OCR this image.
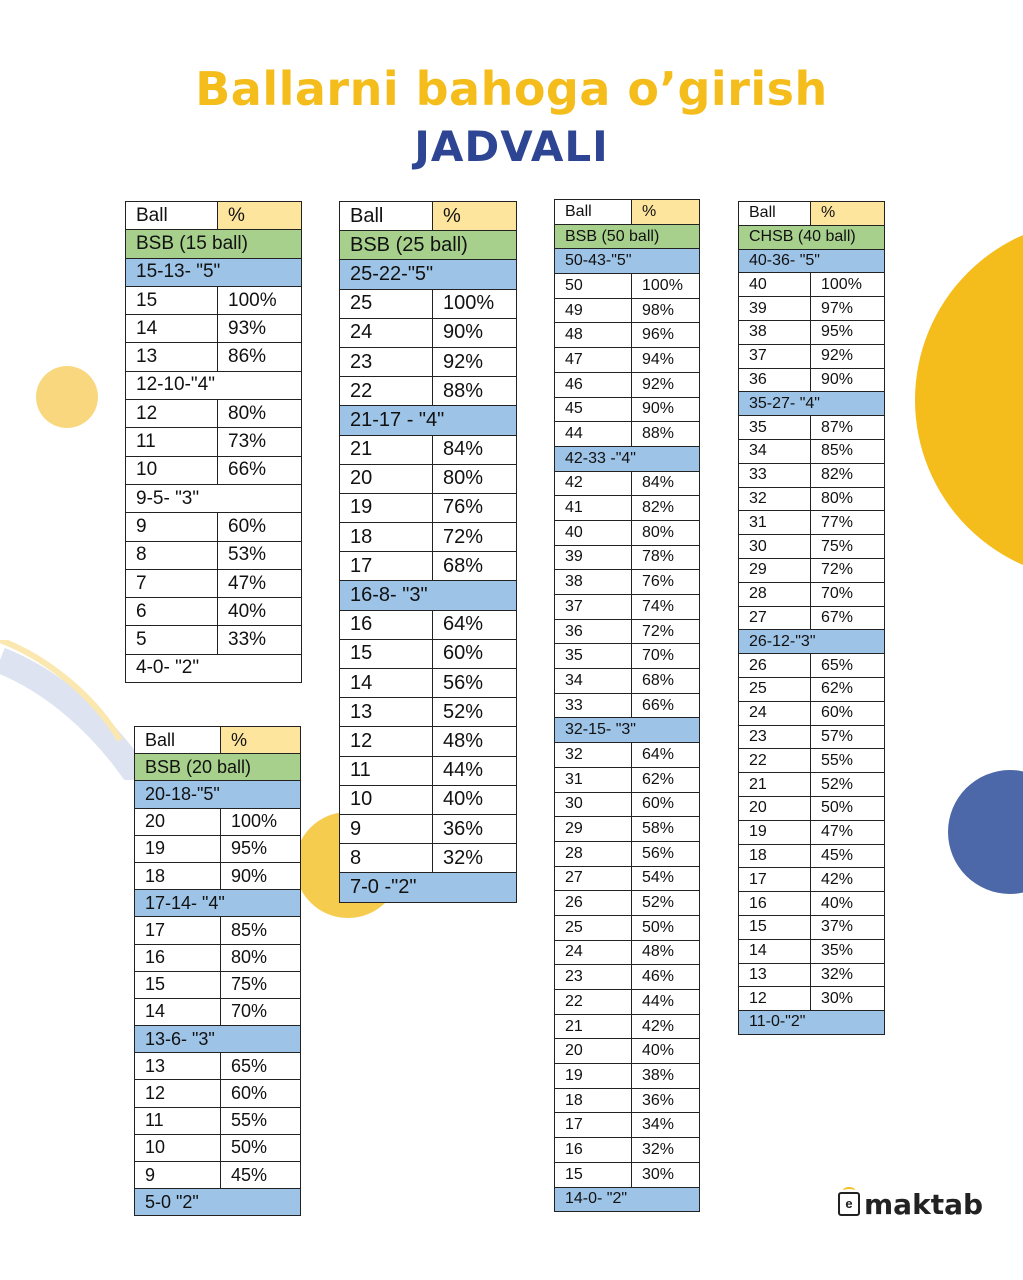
Ballarni bahoga o’girish
JADVALI
Ball	%
BSB (15 ball)	
15-13- "5"	
15	100%
14	93%
13	86%
12-10-"4"	
12	80%
11	73%
10	66%
9-5- "3"	
9	60%
8	53%
7	47%
6	40%
5	33%
4-0- "2"	
Ball	%
BSB (20 ball)	
20-18-"5"	
20	100%
19	95%
18	90%
17-14- "4"	
17	85%
16	80%
15	75%
14	70%
13-6- "3"	
13	65%
12	60%
11	55%
10	50%
9	45%
5-0 "2"	
Ball	%
BSB (25 ball)	
25-22-"5"	
25	100%
24	90%
23	92%
22	88%
21-17 - "4"	
21	84%
20	80%
19	76%
18	72%
17	68%
16-8- "3"	
16	64%
15	60%
14	56%
13	52%
12	48%
11	44%
10	40%
9	36%
8	32%
7-0 -"2"	
Ball	%
BSB (50 ball)	
50-43-"5"	
50	100%
49	98%
48	96%
47	94%
46	92%
45	90%
44	88%
42-33 -"4"	
42	84%
41	82%
40	80%
39	78%
38	76%
37	74%
36	72%
35	70%
34	68%
33	66%
32-15- "3"	
32	64%
31	62%
30	60%
29	58%
28	56%
27	54%
26	52%
25	50%
24	48%
23	46%
22	44%
21	42%
20	40%
19	38%
18	36%
17	34%
16	32%
15	30%
14-0- "2"	
Ball	%
CHSB (40 ball)	
40-36- "5"	
40	100%
39	97%
38	95%
37	92%
36	90%
35-27- "4"	
35	87%
34	85%
33	82%
32	80%
31	77%
30	75%
29	72%
28	70%
27	67%
26-12-"3"	
26	65%
25	62%
24	60%
23	57%
22	55%
21	52%
20	50%
19	47%
18	45%
17	42%
16	40%
15	37%
14	35%
13	32%
12	30%
11-0-"2"	
e maktab
